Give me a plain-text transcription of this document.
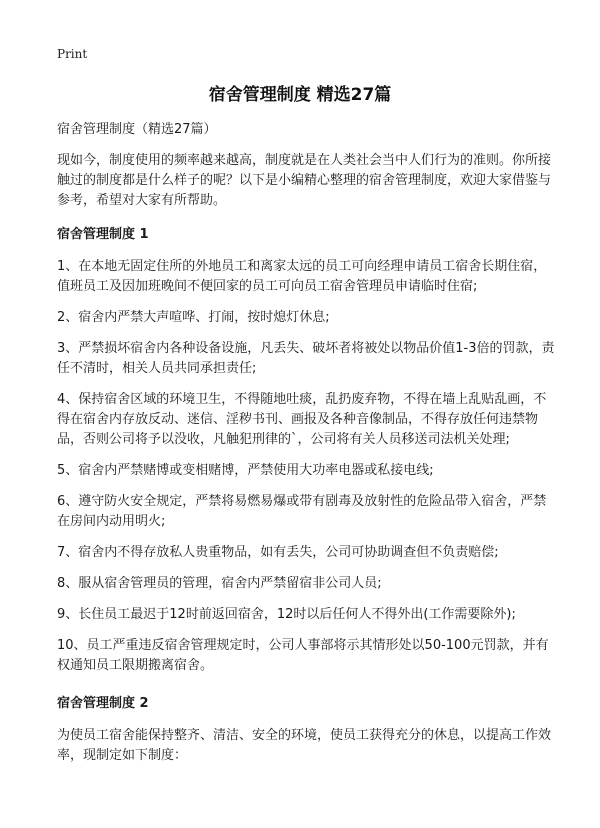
Print
宿舍管理制度 精选27篇

宿舍管理制度（精选27篇）

现如今，制度使用的频率越来越高，制度就是在人类社会当中人们行为的准则。你所接触过的制度都是什么样子的呢？以下是小编精心整理的宿舍管理制度，欢迎大家借鉴与参考，希望对大家有所帮助。

宿舍管理制度 1

1、在本地无固定住所的外地员工和离家太远的员工可向经理申请员工宿舍长期住宿，值班员工及因加班晚间不便回家的员工可向员工宿舍管理员申请临时住宿;

2、宿舍内严禁大声喧哗、打闹，按时熄灯休息;

3、严禁损坏宿舍内各种设备设施，凡丢失、破坏者将被处以物品价值1-3倍的罚款，责任不清时，相关人员共同承担责任;

4、保持宿舍区域的环境卫生，不得随地吐痰，乱扔废弃物，不得在墙上乱贴乱画，不得在宿舍内存放反动、迷信、淫秽书刊、画报及各种音像制品，不得存放任何违禁物品，否则公司将予以没收，凡触犯刑律的`，公司将有关人员移送司法机关处理;

5、宿舍内严禁赌博或变相赌博，严禁使用大功率电器或私接电线;

6、遵守防火安全规定，严禁将易燃易爆或带有剧毒及放射性的危险品带入宿舍，严禁在房间内动用明火;

7、宿舍内不得存放私人贵重物品，如有丢失，公司可协助调查但不负责赔偿;

8、服从宿舍管理员的管理，宿舍内严禁留宿非公司人员;

9、长住员工最迟于12时前返回宿舍，12时以后任何人不得外出(工作需要除外);

10、员工严重违反宿舍管理规定时，公司人事部将示其情形处以50-100元罚款，并有权通知员工限期搬离宿舍。

宿舍管理制度 2

为使员工宿舍能保持整齐、清洁、安全的环境，使员工获得充分的休息，以提高工作效率，现制定如下制度：
